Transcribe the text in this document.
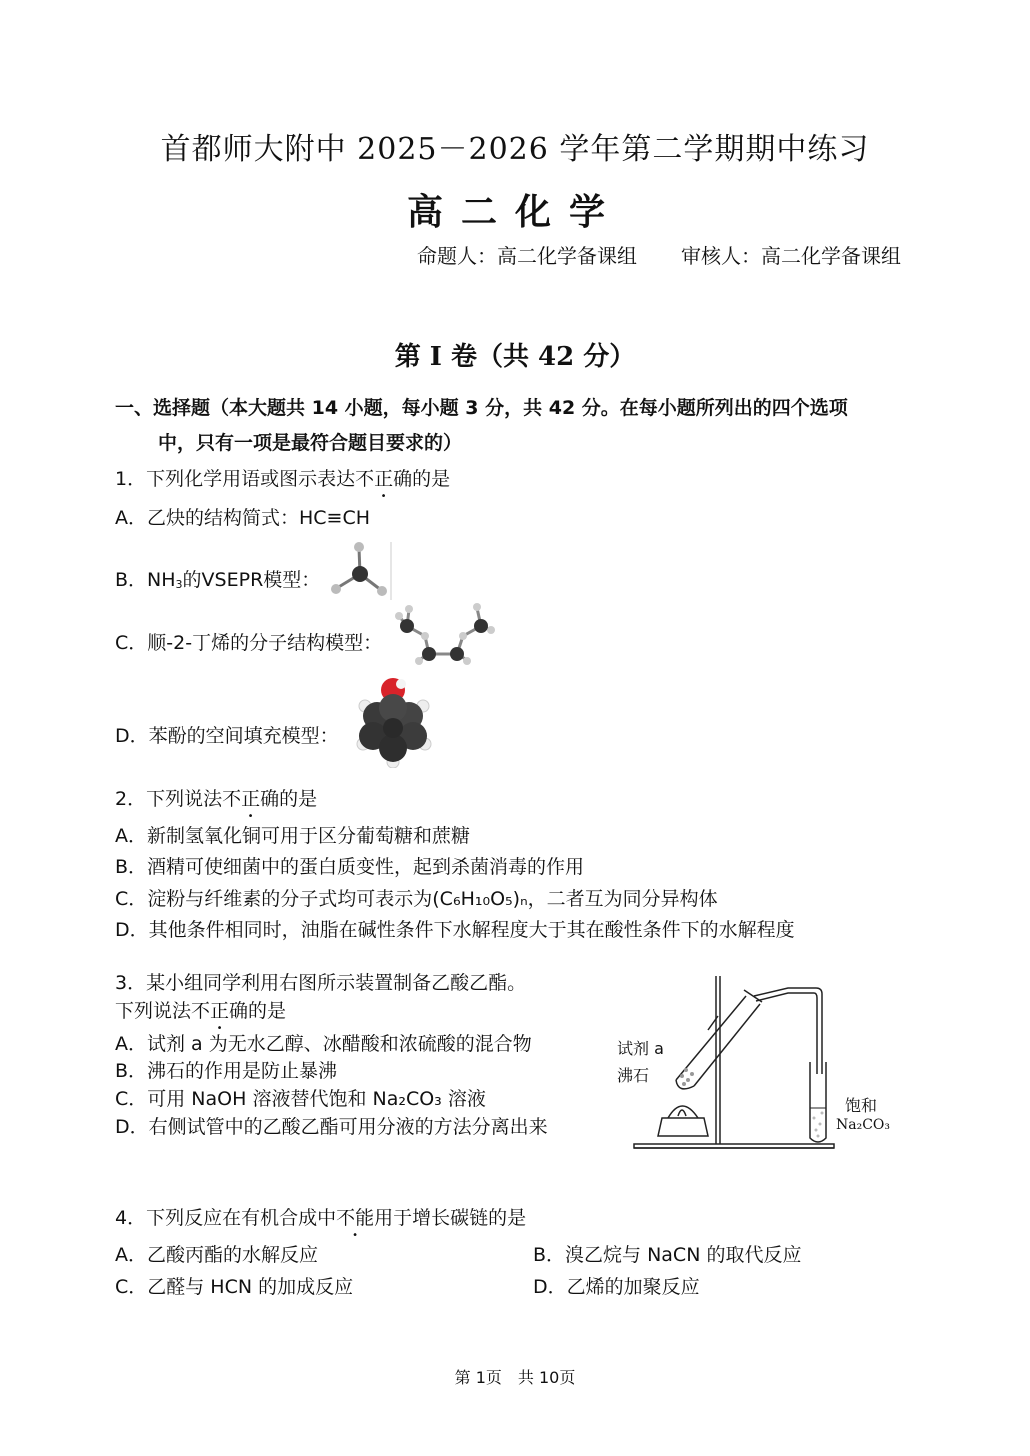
首都师大附中 2025－2026 学年第二学期期中练习
高二化学
命题人：高二化学备课组 审核人：高二化学备课组
第 I 卷（共 42 分）
一、选择题（本大题共 14 小题，每小题 3 分，共 42 分。在每小题所列出的四个选项
中，只有一项是最符合题目要求的）
1．下列化学用语或图示表达不正确的是
A．乙炔的结构简式：HC≡CH
B．$NH_3$的VSEPR模型：
C．顺-2-丁烯的分子结构模型：
D．苯酚的空间填充模型：
2．下列说法不正确的是
A．新制氢氧化铜可用于区分葡萄糖和蔗糖
B．酒精可使细菌中的蛋白质变性，起到杀菌消毒的作用
C．淀粉与纤维素的分子式均可表示为(C₆H₁₀O₅)ₙ，二者互为同分异构体
D．其他条件相同时，油脂在碱性条件下水解程度大于其在酸性条件下的水解程度
3．某小组同学利用右图所示装置制备乙酸乙酯。
下列说法不正确的是
A．试剂 a 为无水乙醇、冰醋酸和浓硫酸的混合物
B．沸石的作用是防止暴沸
C．可用 NaOH 溶液替代饱和 Na₂CO₃ 溶液
D．右侧试管中的乙酸乙酯可用分液的方法分离出来
试剂 a
沸石
饱和
Na₂CO₃
4．下列反应在有机合成中不能用于增长碳链的是
A．乙酸丙酯的水解反应	B．溴乙烷与 NaCN 的取代反应
C．乙醛与 HCN 的加成反应	D．乙烯的加聚反应
第 1页　共 10页
